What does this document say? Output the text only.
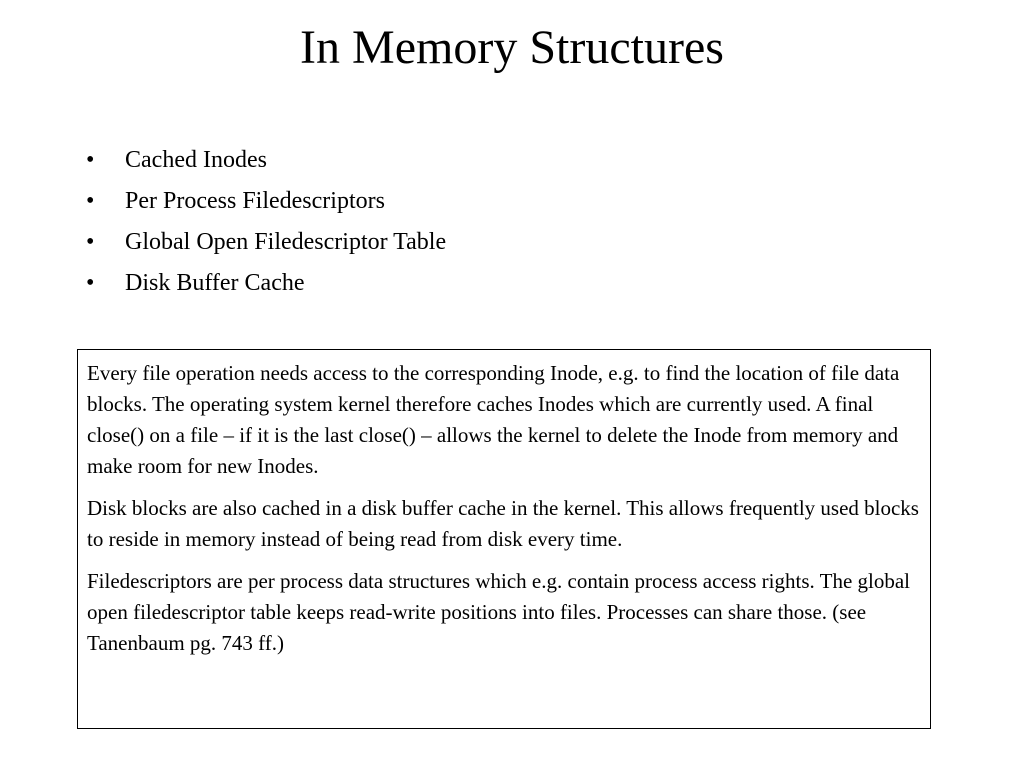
In Memory Structures
•	Cached Inodes
•	Per Process Filedescriptors
•	Global Open Filedescriptor Table
•	Disk Buffer Cache

Every file operation needs access to the corresponding Inode, e.g. to find the location of file data blocks. The operating system kernel therefore caches Inodes which are currently used. A final close() on a file – if it is the last close() – allows the kernel to delete the Inode from memory and make room for new Inodes.

Disk blocks are also cached in a disk buffer cache in the kernel. This allows frequently used blocks to reside in memory instead of being read from disk every time.

Filedescriptors are per process data structures which e.g. contain process access rights. The global open filedescriptor table keeps read-write positions into files. Processes can share those. (see Tanenbaum pg. 743 ff.)
